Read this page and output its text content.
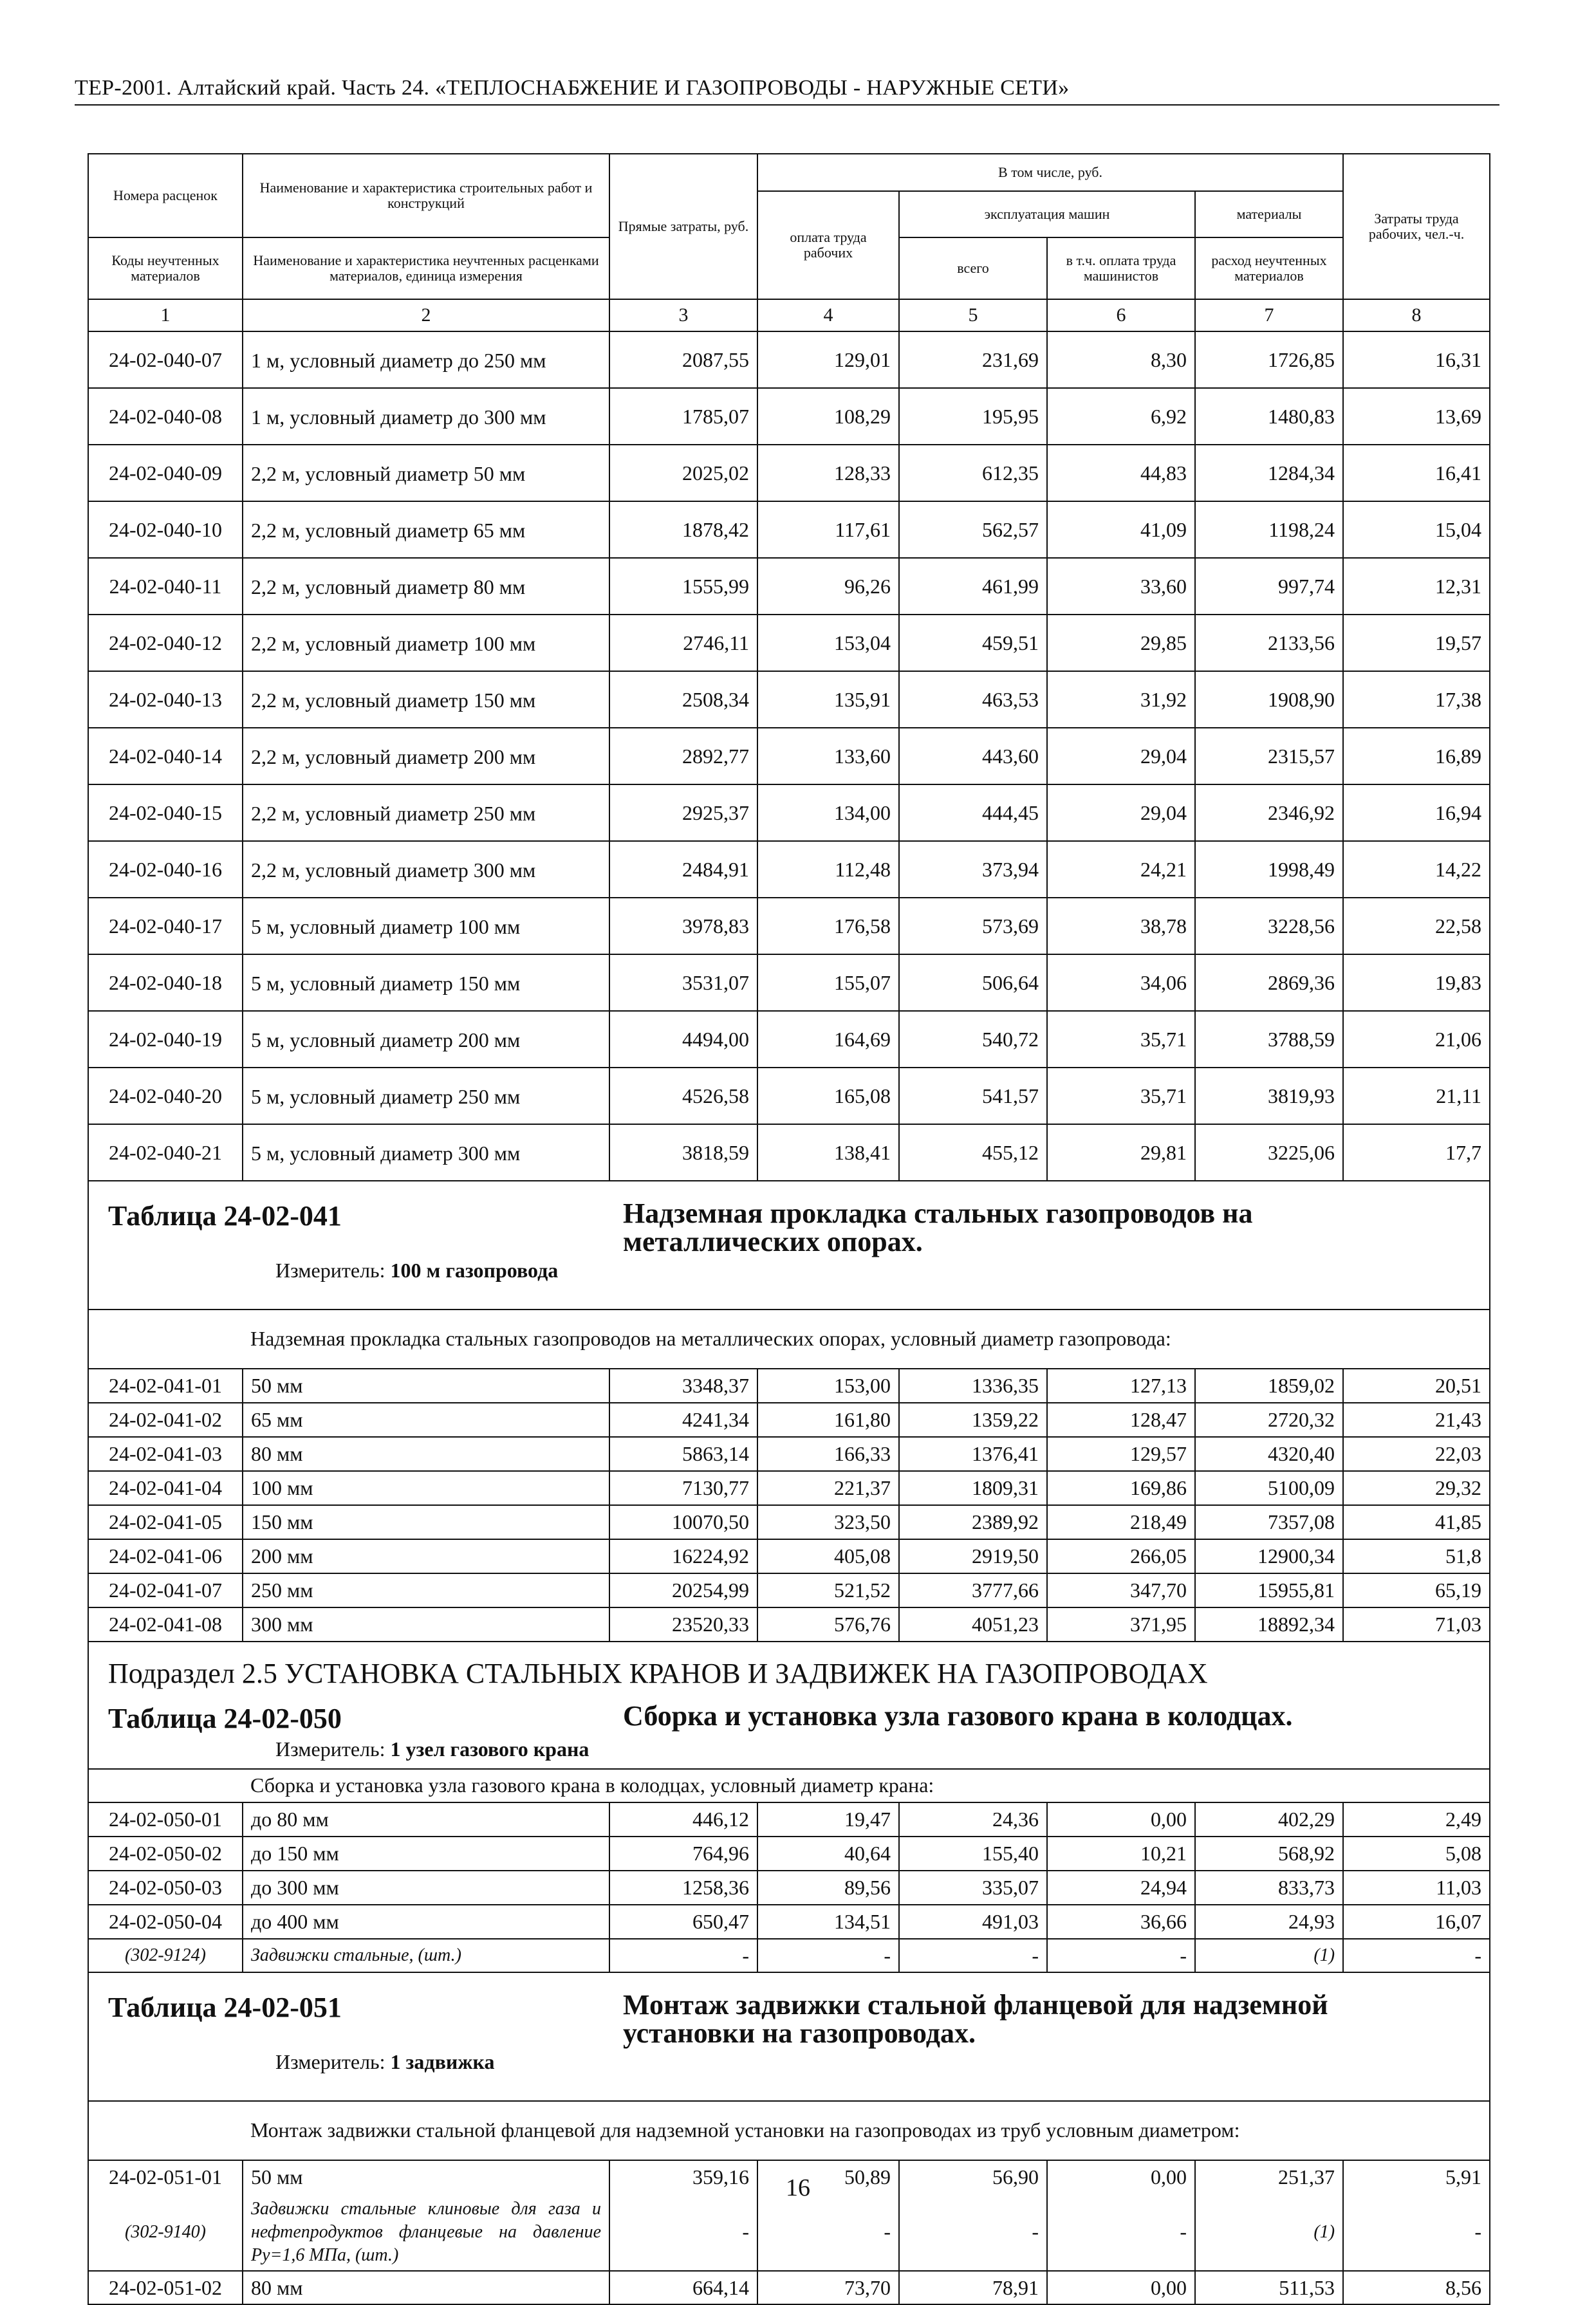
ТЕР-2001. Алтайский край. Часть 24. «ТЕПЛОСНАБЖЕНИЕ И ГАЗОПРОВОДЫ - НАРУЖНЫЕ СЕТИ»
Номера расценок	Наименование и характеристика строительных работ и конструкций	Прямые затраты, руб.	В том числе, руб.				Затраты труда рабочих, чел.-ч.
			оплата труда рабочих	эксплуатация машин		материалы	
Коды неучтенных материалов	Наименование и характеристика неучтенных расценками материалов, единица измерения			всего	в т.ч. оплата труда машинистов	расход неучтенных материалов	
1	2	3	4	5	6	7	8
24-02-040-07	1 м, условный диаметр до 250 мм	2087,55	129,01	231,69	8,30	1726,85	16,31
24-02-040-08	1 м, условный диаметр до 300 мм	1785,07	108,29	195,95	6,92	1480,83	13,69
24-02-040-09	2,2 м, условный диаметр 50 мм	2025,02	128,33	612,35	44,83	1284,34	16,41
24-02-040-10	2,2 м, условный диаметр 65 мм	1878,42	117,61	562,57	41,09	1198,24	15,04
24-02-040-11	2,2 м, условный диаметр 80 мм	1555,99	96,26	461,99	33,60	997,74	12,31
24-02-040-12	2,2 м, условный диаметр 100 мм	2746,11	153,04	459,51	29,85	2133,56	19,57
24-02-040-13	2,2 м, условный диаметр 150 мм	2508,34	135,91	463,53	31,92	1908,90	17,38
24-02-040-14	2,2 м, условный диаметр 200 мм	2892,77	133,60	443,60	29,04	2315,57	16,89
24-02-040-15	2,2 м, условный диаметр 250 мм	2925,37	134,00	444,45	29,04	2346,92	16,94
24-02-040-16	2,2 м, условный диаметр 300 мм	2484,91	112,48	373,94	24,21	1998,49	14,22
24-02-040-17	5 м, условный диаметр 100 мм	3978,83	176,58	573,69	38,78	3228,56	22,58
24-02-040-18	5 м, условный диаметр 150 мм	3531,07	155,07	506,64	34,06	2869,36	19,83
24-02-040-19	5 м, условный диаметр 200 мм	4494,00	164,69	540,72	35,71	3788,59	21,06
24-02-040-20	5 м, условный диаметр 250 мм	4526,58	165,08	541,57	35,71	3819,93	21,11
24-02-040-21	5 м, условный диаметр 300 мм	3818,59	138,41	455,12	29,81	3225,06	17,7

Таблица 24-02-041 Надземная прокладка стальных газопроводов на металлических опорах.
Измеритель: 100 м газопровода							

	Надземная прокладка стальных газопроводов на металлических опорах, условный диаметр газопровода:						
24-02-041-01	50 мм	3348,37	153,00	1336,35	127,13	1859,02	20,51
24-02-041-02	65 мм	4241,34	161,80	1359,22	128,47	2720,32	21,43
24-02-041-03	80 мм	5863,14	166,33	1376,41	129,57	4320,40	22,03
24-02-041-04	100 мм	7130,77	221,37	1809,31	169,86	5100,09	29,32
24-02-041-05	150 мм	10070,50	323,50	2389,92	218,49	7357,08	41,85
24-02-041-06	200 мм	16224,92	405,08	2919,50	266,05	12900,34	51,8
24-02-041-07	250 мм	20254,99	521,52	3777,66	347,70	15955,81	65,19
24-02-041-08	300 мм	23520,33	576,76	4051,23	371,95	18892,34	71,03
Подраздел 2.5 УСТАНОВКА СТАЛЬНЫХ КРАНОВ И ЗАДВИЖЕК НА ГАЗОПРОВОДАХ							

Таблица 24-02-050 Сборка и установка узла газового крана в колодцах.
Измеритель: 1 узел газового крана							

	Сборка и установка узла газового крана в колодцах, условный диаметр крана:						
24-02-050-01	до 80 мм	446,12	19,47	24,36	0,00	402,29	2,49
24-02-050-02	до 150 мм	764,96	40,64	155,40	10,21	568,92	5,08
24-02-050-03	до 300 мм	1258,36	89,56	335,07	24,94	833,73	11,03
24-02-050-04	до 400 мм	650,47	134,51	491,03	36,66	24,93	16,07
(302-9124)	Задвижки стальные, (шт.)	-	-	-	-	(1)	-

Таблица 24-02-051 Монтаж задвижки стальной фланцевой для надземной установки на газопроводах.
Измеритель: 1 задвижка							

	Монтаж задвижки стальной фланцевой для надземной установки на газопроводах из труб условным диаметром:						
24-02-051-01	50 мм	359,16	50,89	56,90	0,00	251,37	5,91
(302-9140)	Задвижки стальные клиновые для газа и нефтепродуктов фланцевые на давление Ру=1,6 МПа, (шт.)	-	-	-	-	(1)	-
24-02-051-02	80 мм	664,14	73,70	78,91	0,00	511,53	8,56
16
